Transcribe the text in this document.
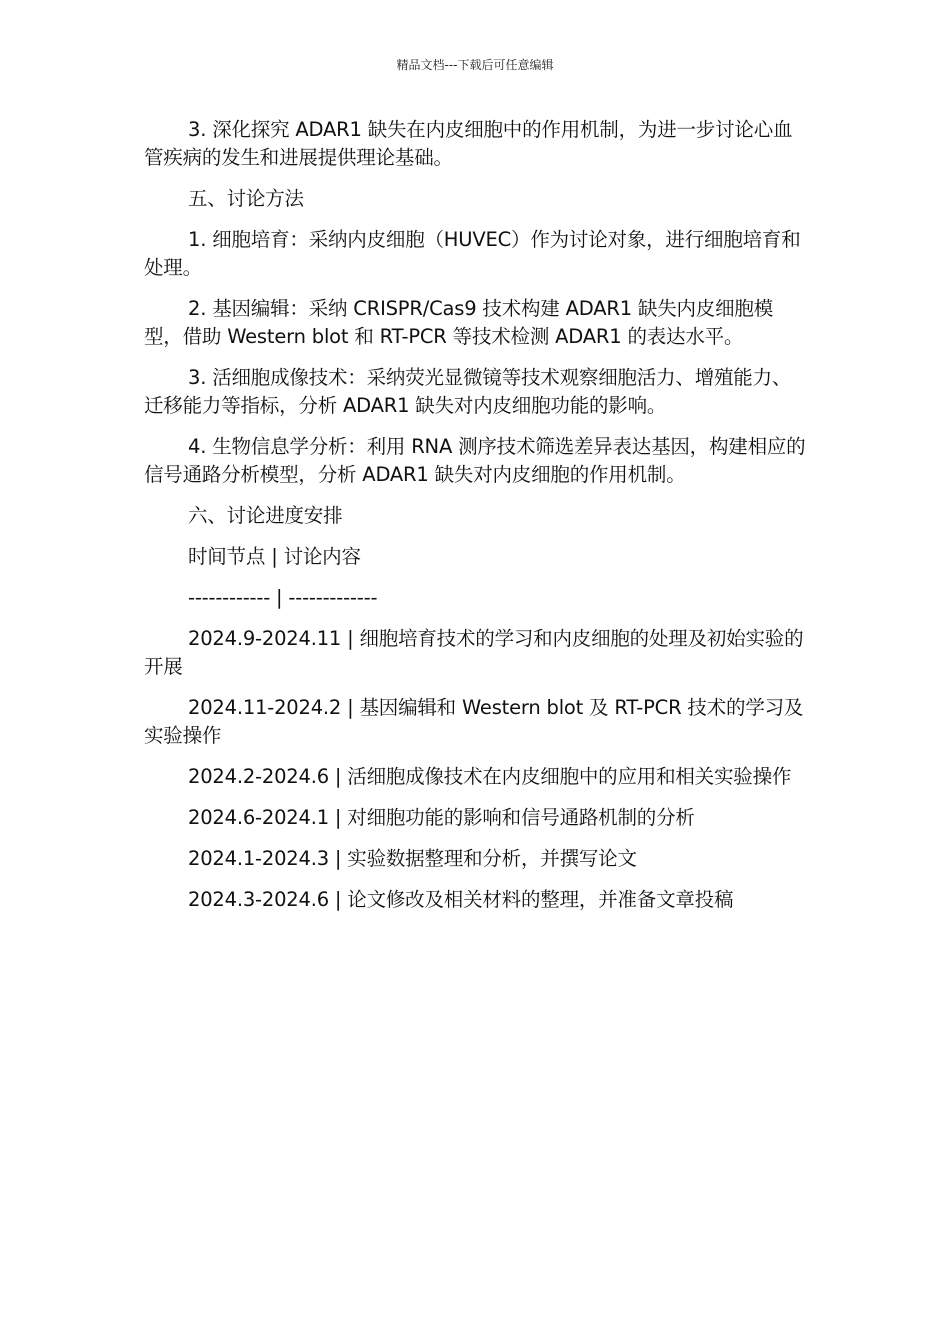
精品文档---下载后可任意编辑

3. 深化探究 ADAR1 缺失在内皮细胞中的作用机制，为进一步讨论心血管疾病的发生和进展提供理论基础。

五、讨论方法

1. 细胞培育：采纳内皮细胞（HUVEC）作为讨论对象，进行细胞培育和处理。

2. 基因编辑：采纳 CRISPR/Cas9 技术构建 ADAR1 缺失内皮细胞模型，借助 Western blot 和 RT-PCR 等技术检测 ADAR1 的表达水平。

3. 活细胞成像技术：采纳荧光显微镜等技术观察细胞活力、增殖能力、迁移能力等指标，分析 ADAR1 缺失对内皮细胞功能的影响。

4. 生物信息学分析：利用 RNA 测序技术筛选差异表达基因，构建相应的信号通路分析模型，分析 ADAR1 缺失对内皮细胞的作用机制。

六、讨论进度安排

时间节点 | 讨论内容

------------ | -------------

2024.9-2024.11 | 细胞培育技术的学习和内皮细胞的处理及初始实验的开展

2024.11-2024.2 | 基因编辑和 Western blot 及 RT-PCR 技术的学习及实验操作

2024.2-2024.6 | 活细胞成像技术在内皮细胞中的应用和相关实验操作

2024.6-2024.1 | 对细胞功能的影响和信号通路机制的分析

2024.1-2024.3 | 实验数据整理和分析，并撰写论文

2024.3-2024.6 | 论文修改及相关材料的整理，并准备文章投稿
